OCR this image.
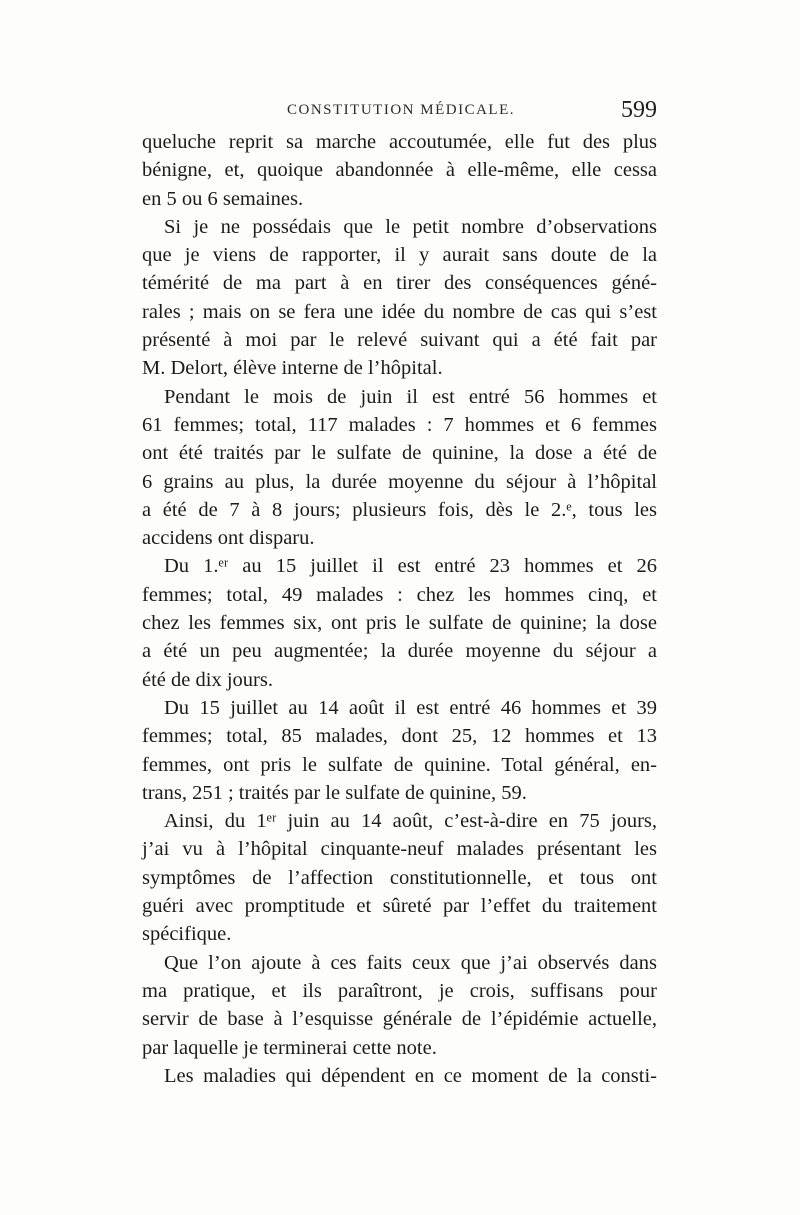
CONSTITUTION MÉDICALE.	599
queluche reprit sa marche accoutumée, elle fut des plus
bénigne, et, quoique abandonnée à elle-même, elle cessa
en 5 ou 6 semaines.
Si je ne possédais que le petit nombre d’observations
que je viens de rapporter, il y aurait sans doute de la
témérité de ma part à en tirer des conséquences géné-
rales ; mais on se fera une idée du nombre de cas qui s’est
présenté à moi par le relevé suivant qui a été fait par
M. Delort, élève interne de l’hôpital.
Pendant le mois de juin il est entré 56 hommes et
61 femmes; total, 117 malades : 7 hommes et 6 femmes
ont été traités par le sulfate de quinine, la dose a été de
6 grains au plus, la durée moyenne du séjour à l’hôpital
a été de 7 à 8 jours; plusieurs fois, dès le 2.ᵉ, tous les
accidens ont disparu.
Du 1.ᵉʳ au 15 juillet il est entré 23 hommes et 26
femmes; total, 49 malades : chez les hommes cinq, et
chez les femmes six, ont pris le sulfate de quinine; la dose
a été un peu augmentée; la durée moyenne du séjour a
été de dix jours.
Du 15 juillet au 14 août il est entré 46 hommes et 39
femmes; total, 85 malades, dont 25, 12 hommes et 13
femmes, ont pris le sulfate de quinine. Total général, en-
trans, 251 ; traités par le sulfate de quinine, 59.
Ainsi, du 1ᵉʳ juin au 14 août, c’est-à-dire en 75 jours,
j’ai vu à l’hôpital cinquante-neuf malades présentant les
symptômes de l’affection constitutionnelle, et tous ont
guéri avec promptitude et sûreté par l’effet du traitement
spécifique.
Que l’on ajoute à ces faits ceux que j’ai observés dans
ma pratique, et ils paraîtront, je crois, suffisans pour
servir de base à l’esquisse générale de l’épidémie actuelle,
par laquelle je terminerai cette note.
Les maladies qui dépendent en ce moment de la consti-
